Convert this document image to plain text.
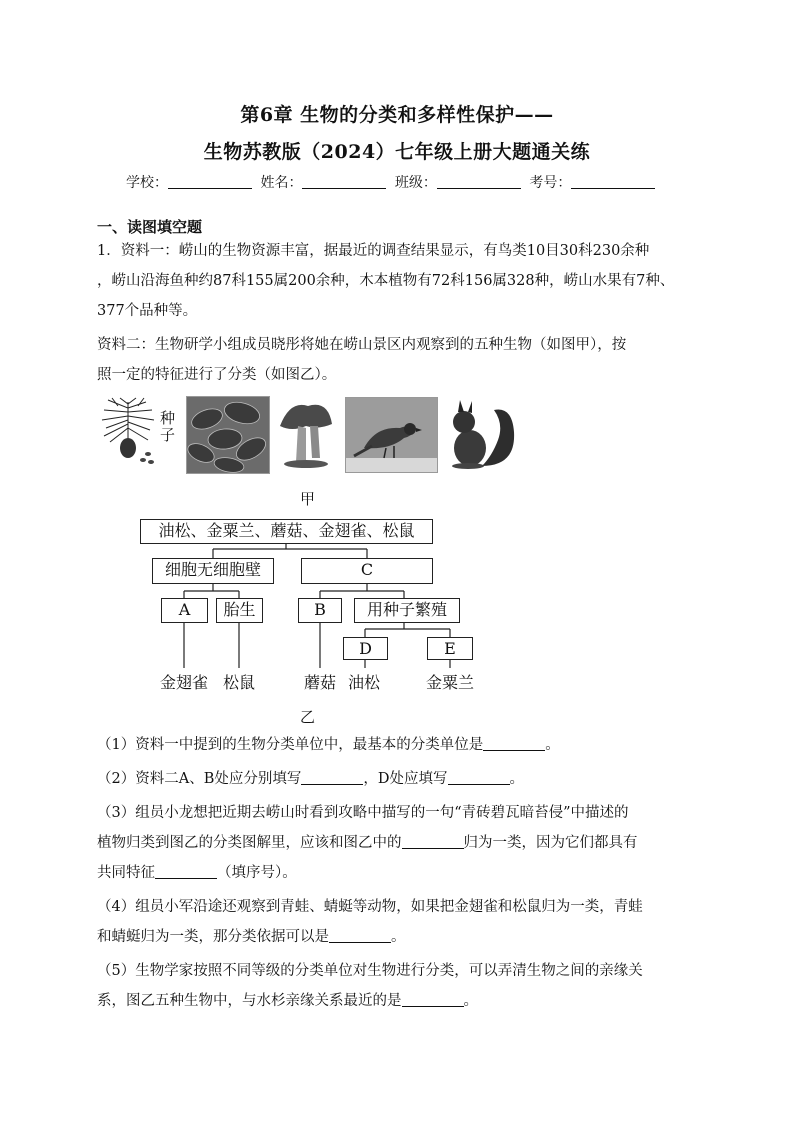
第6章 生物的分类和多样性保护——
生物苏教版（2024）七年级上册大题通关练
学校：	姓名：	班级：	考号：
一、读图填空题
1．资料一：崂山的生物资源丰富，据最近的调查结果显示，有鸟类10目30科230余种
，崂山沿海鱼种约87科155属200余种，木本植物有72科156属328种，崂山水果有7种、
377个品种等。
资料二：生物研学小组成员晓彤将她在崂山景区内观察到的五种生物（如图甲），按
照一定的特征进行了分类（如图乙）。
种子
甲
油松、金粟兰、蘑菇、金翅雀、松鼠
细胞无细胞壁	C
A	胎生	B	用种子繁殖
D	E
金翅雀 松鼠	蘑菇 油松	金粟兰
乙
（1）资料一中提到的生物分类单位中，最基本的分类单位是	。
（2）资料二A、B处应分别填写	，D处应填写	。
（3）组员小龙想把近期去崂山时看到攻略中描写的一句“青砖碧瓦暗苔侵”中描述的
植物归类到图乙的分类图解里，应该和图乙中的	归为一类，因为它们都具有
共同特征	（填序号）。
（4）组员小军沿途还观察到青蛙、蜻蜓等动物，如果把金翅雀和松鼠归为一类，青蛙
和蜻蜓归为一类，那分类依据可以是	。
（5）生物学家按照不同等级的分类单位对生物进行分类，可以弄清生物之间的亲缘关
系，图乙五种生物中，与水杉亲缘关系最近的是	。
